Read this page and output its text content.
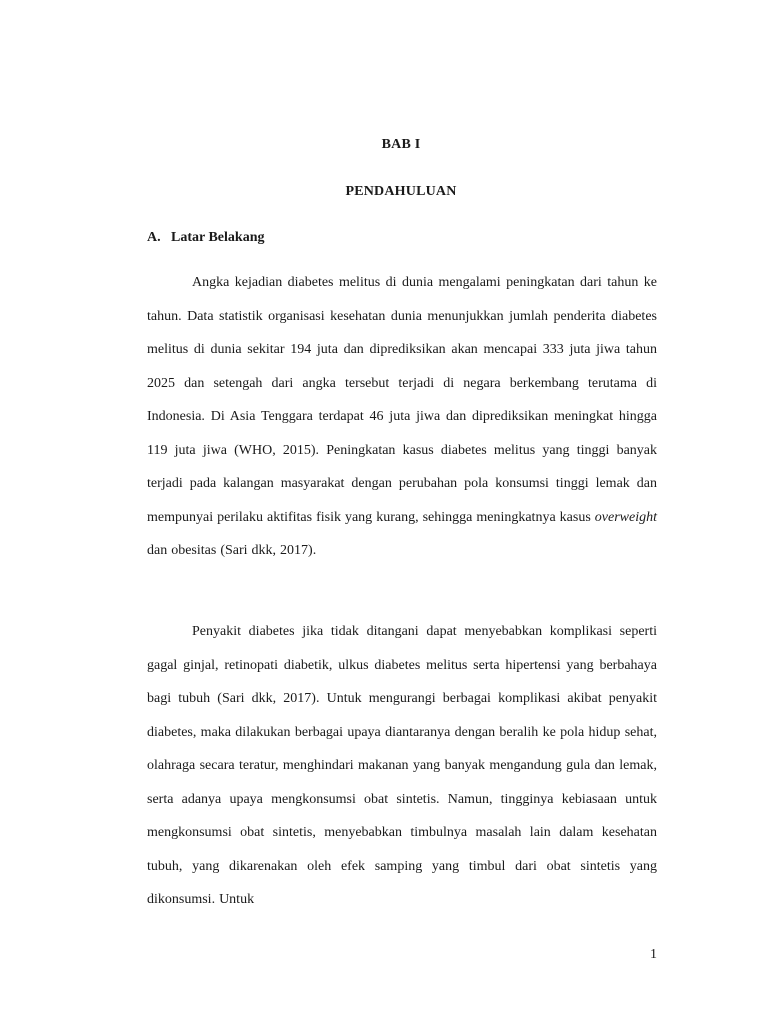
BAB I
PENDAHULUAN
A. Latar Belakang

Angka kejadian diabetes melitus di dunia mengalami peningkatan dari tahun ke tahun. Data statistik organisasi kesehatan dunia menunjukkan jumlah penderita diabetes melitus di dunia sekitar 194 juta dan diprediksikan akan mencapai 333 juta jiwa tahun 2025 dan setengah dari angka tersebut terjadi di negara berkembang terutama di Indonesia. Di Asia Tenggara terdapat 46 juta jiwa dan diprediksikan meningkat hingga 119 juta jiwa (WHO, 2015). Peningkatan kasus diabetes melitus yang tinggi banyak terjadi pada kalangan masyarakat dengan perubahan pola konsumsi tinggi lemak dan mempunyai perilaku aktifitas fisik yang kurang, sehingga meningkatnya kasus overweight dan obesitas (Sari dkk, 2017).

Penyakit diabetes jika tidak ditangani dapat menyebabkan komplikasi seperti gagal ginjal, retinopati diabetik, ulkus diabetes melitus serta hipertensi yang berbahaya bagi tubuh (Sari dkk, 2017). Untuk mengurangi berbagai komplikasi akibat penyakit diabetes, maka dilakukan berbagai upaya diantaranya dengan beralih ke pola hidup sehat, olahraga secara teratur, menghindari makanan yang banyak mengandung gula dan lemak, serta adanya upaya mengkonsumsi obat sintetis. Namun, tingginya kebiasaan untuk mengkonsumsi obat sintetis, menyebabkan timbulnya masalah lain dalam kesehatan tubuh, yang dikarenakan oleh efek samping yang timbul dari obat sintetis yang dikonsumsi. Untuk

1
